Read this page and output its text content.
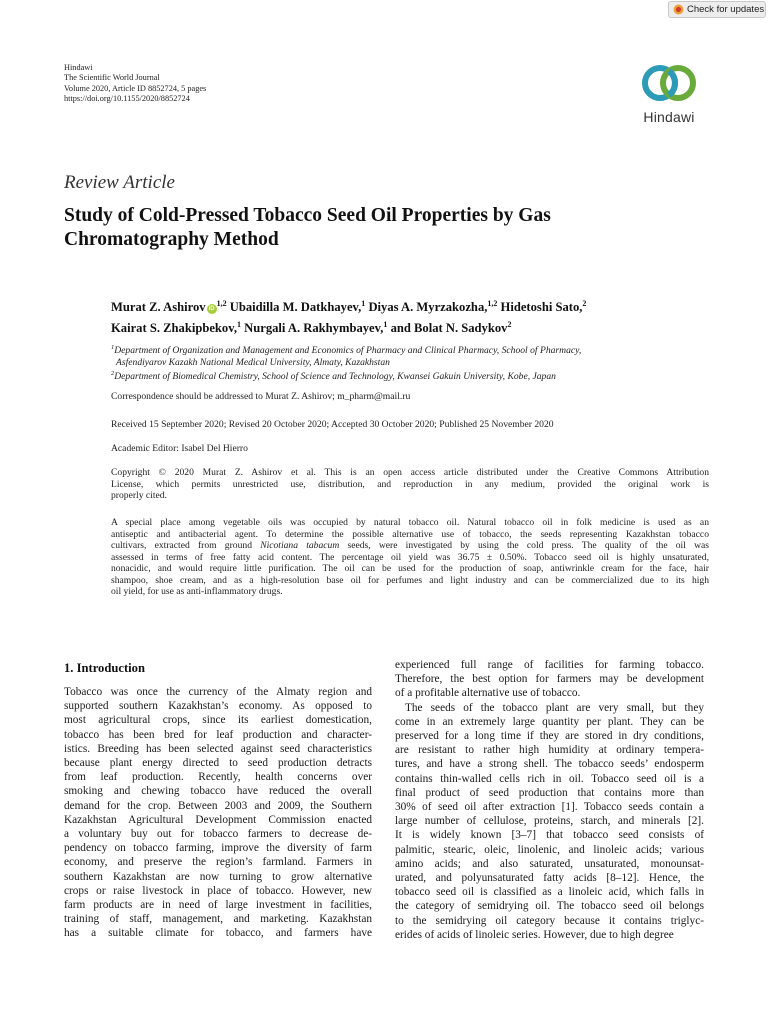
Check for updates
Hindawi
The Scientific World Journal
Volume 2020, Article ID 8852724, 5 pages
https://doi.org/10.1155/2020/8852724
Hindawi
Review Article
Study of Cold-Pressed Tobacco Seed Oil Properties by Gas
Chromatography Method
Murat Z. Ashirov iD$^{1,2}$ Ubaidilla M. Datkhayev,$^1$ Diyas A. Myrzakozha,$^{1,2}$ Hidetoshi Sato,$^2$
Kairat S. Zhakipbekov,$^1$ Nurgali A. Rakhymbayev,$^1$ and Bolat N. Sadykov$^2$
$^1$Department of Organization and Management and Economics of Pharmacy and Clinical Pharmacy, School of Pharmacy,
Asfendiyarov Kazakh National Medical University, Almaty, Kazakhstan
$^2$Department of Biomedical Chemistry, School of Science and Technology, Kwansei Gakuin University, Kobe, Japan
Correspondence should be addressed to Murat Z. Ashirov; m_pharm@mail.ru
Received 15 September 2020; Revised 20 October 2020; Accepted 30 October 2020; Published 25 November 2020
Academic Editor: Isabel Del Hierro
Copyright © 2020 Murat Z. Ashirov et al. This is an open access article distributed under the Creative Commons Attribution
License, which permits unrestricted use, distribution, and reproduction in any medium, provided the original work is
properly cited.
A special place among vegetable oils was occupied by natural tobacco oil. Natural tobacco oil in folk medicine is used as an
antiseptic and antibacterial agent. To determine the possible alternative use of tobacco, the seeds representing Kazakhstan tobacco
cultivars, extracted from ground Nicotiana tabacum seeds, were investigated by using the cold press. The quality of the oil was
assessed in terms of free fatty acid content. The percentage oil yield was 36.75 ± 0.50%. Tobacco seed oil is highly unsaturated,
nonacidic, and would require little purification. The oil can be used for the production of soap, antiwrinkle cream for the face, hair
shampoo, shoe cream, and as a high-resolution base oil for perfumes and light industry and can be commercialized due to its high
oil yield, for use as anti-inflammatory drugs.
1. Introduction
Tobacco was once the currency of the Almaty region and
supported southern Kazakhstan’s economy. As opposed to
most agricultural crops, since its earliest domestication,
tobacco has been bred for leaf production and character-
istics. Breeding has been selected against seed characteristics
because plant energy directed to seed production detracts
from leaf production. Recently, health concerns over
smoking and chewing tobacco have reduced the overall
demand for the crop. Between 2003 and 2009, the Southern
Kazakhstan Agricultural Development Commission enacted
a voluntary buy out for tobacco farmers to decrease de-
pendency on tobacco farming, improve the diversity of farm
economy, and preserve the region’s farmland. Farmers in
southern Kazakhstan are now turning to grow alternative
crops or raise livestock in place of tobacco. However, new
farm products are in need of large investment in facilities,
training of staff, management, and marketing. Kazakhstan
has a suitable climate for tobacco, and farmers have
experienced full range of facilities for farming tobacco.
Therefore, the best option for farmers may be development
of a profitable alternative use of tobacco.
The seeds of the tobacco plant are very small, but they
come in an extremely large quantity per plant. They can be
preserved for a long time if they are stored in dry conditions,
are resistant to rather high humidity at ordinary tempera-
tures, and have a strong shell. The tobacco seeds’ endosperm
contains thin-walled cells rich in oil. Tobacco seed oil is a
final product of seed production that contains more than
30% of seed oil after extraction [1]. Tobacco seeds contain a
large number of cellulose, proteins, starch, and minerals [2].
It is widely known [3–7] that tobacco seed consists of
palmitic, stearic, oleic, linolenic, and linoleic acids; various
amino acids; and also saturated, unsaturated, monounsat-
urated, and polyunsaturated fatty acids [8–12]. Hence, the
tobacco seed oil is classified as a linoleic acid, which falls in
the category of semidrying oil. The tobacco seed oil belongs
to the semidrying oil category because it contains triglyc-
erides of acids of linoleic series. However, due to high degree
